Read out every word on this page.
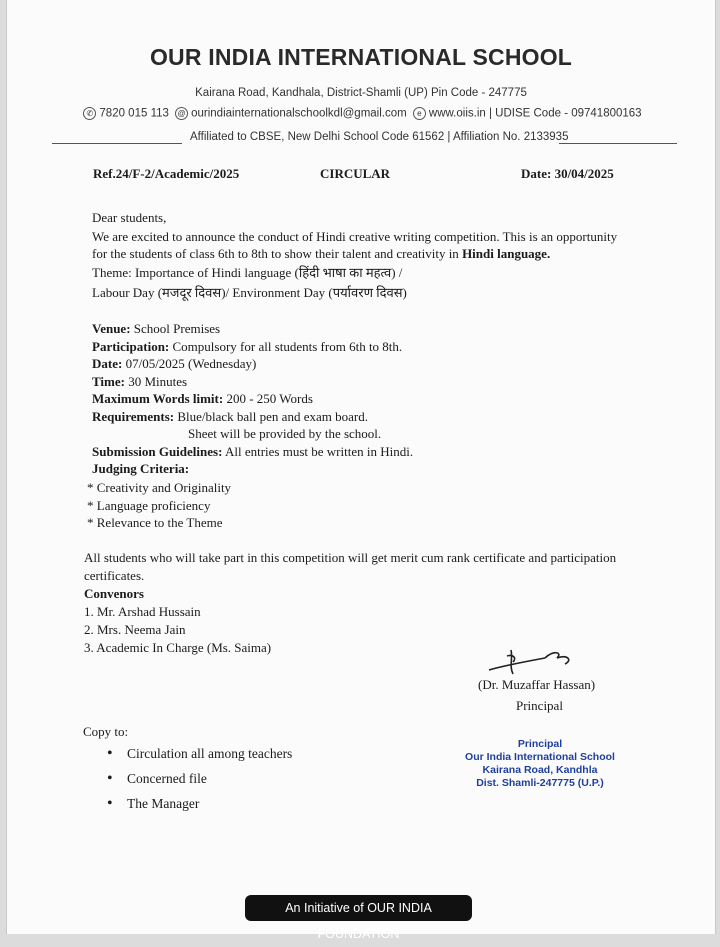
OUR INDIA INTERNATIONAL SCHOOL
Kairana Road, Kandhala, District-Shamli (UP) Pin Code - 247775
✆ 7820 015 113 @ ourindiainternationalschoolkdl@gmail.com e www.oiis.in | UDISE Code - 09741800163
Affiliated to CBSE, New Delhi School Code 61562 | Affiliation No. 2133935
Ref.24/F-2/Academic/2025	CIRCULAR	Date: 30/04/2025
Dear students,
We are excited to announce the conduct of Hindi creative writing competition. This is an opportunity
for the students of class 6th to 8th to show their talent and creativity in Hindi language.
Theme: Importance of Hindi language (हिंदी भाषा का महत्व) /
Labour Day (मजदूर दिवस)/ Environment Day (पर्यावरण दिवस)
Venue: School Premises
Participation: Compulsory for all students from 6th to 8th.
Date: 07/05/2025 (Wednesday)
Time: 30 Minutes
Maximum Words limit: 200 - 250 Words
Requirements: Blue/black ball pen and exam board.
Sheet will be provided by the school.
Submission Guidelines: All entries must be written in Hindi.
Judging Criteria:
* Creativity and Originality
* Language proficiency
* Relevance to the Theme
All students who will take part in this competition will get merit cum rank certificate and participation
certificates.
Convenors
1. Mr. Arshad Hussain
2. Mrs. Neema Jain
3. Academic In Charge (Ms. Saima)
(Dr. Muzaffar Hassan)
Principal
Copy to:
• Circulation all among teachers
• Concerned file
• The Manager
Principal
Our India International School
Kairana Road, Kandhla
Dist. Shamli-247775 (U.P.)
An Initiative of OUR INDIA FOUNDATION
